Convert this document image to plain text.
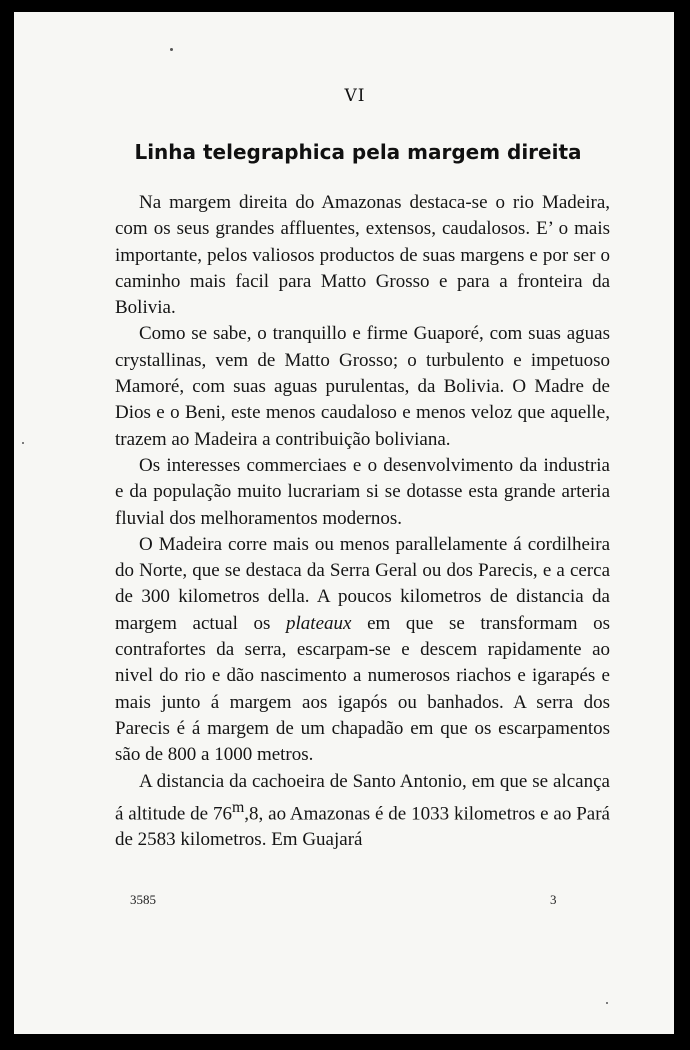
VI
Linha telegraphica pela margem direita

Na margem direita do Amazonas destaca-se o rio Madeira, com os seus grandes affluentes, extensos, caudalosos. E’ o mais importante, pelos valiosos productos de suas margens e por ser o caminho mais facil para Matto Grosso e para a fronteira da Bolivia.

Como se sabe, o tranquillo e firme Guaporé, com suas aguas crystallinas, vem de Matto Grosso; o turbulento e impetuoso Mamoré, com suas aguas purulentas, da Bolivia. O Madre de Dios e o Beni, este menos caudaloso e menos veloz que aquelle, trazem ao Madeira a contribuição boliviana.

Os interesses commerciaes e o desenvolvimento da industria e da população muito lucrariam si se dotasse esta grande arteria fluvial dos melhoramentos modernos.

O Madeira corre mais ou menos parallelamente á cordilheira do Norte, que se destaca da Serra Geral ou dos Parecis, e a cerca de 300 kilometros della. A poucos kilometros de distancia da margem actual os plateaux em que se transformam os contrafortes da serra, escarpam-se e descem rapidamente ao nivel do rio e dão nascimento a numerosos riachos e igarapés e mais junto á margem aos igapós ou banhados. A serra dos Parecis é á margem de um chapadão em que os escarpamentos são de 800 a 1000 metros.

A distancia da cachoeira de Santo Antonio, em que se alcança á altitude de 76$^m$,8, ao Amazonas é de 1033 kilometros e ao Pará de 2583 kilometros. Em Guajará

3585	3
